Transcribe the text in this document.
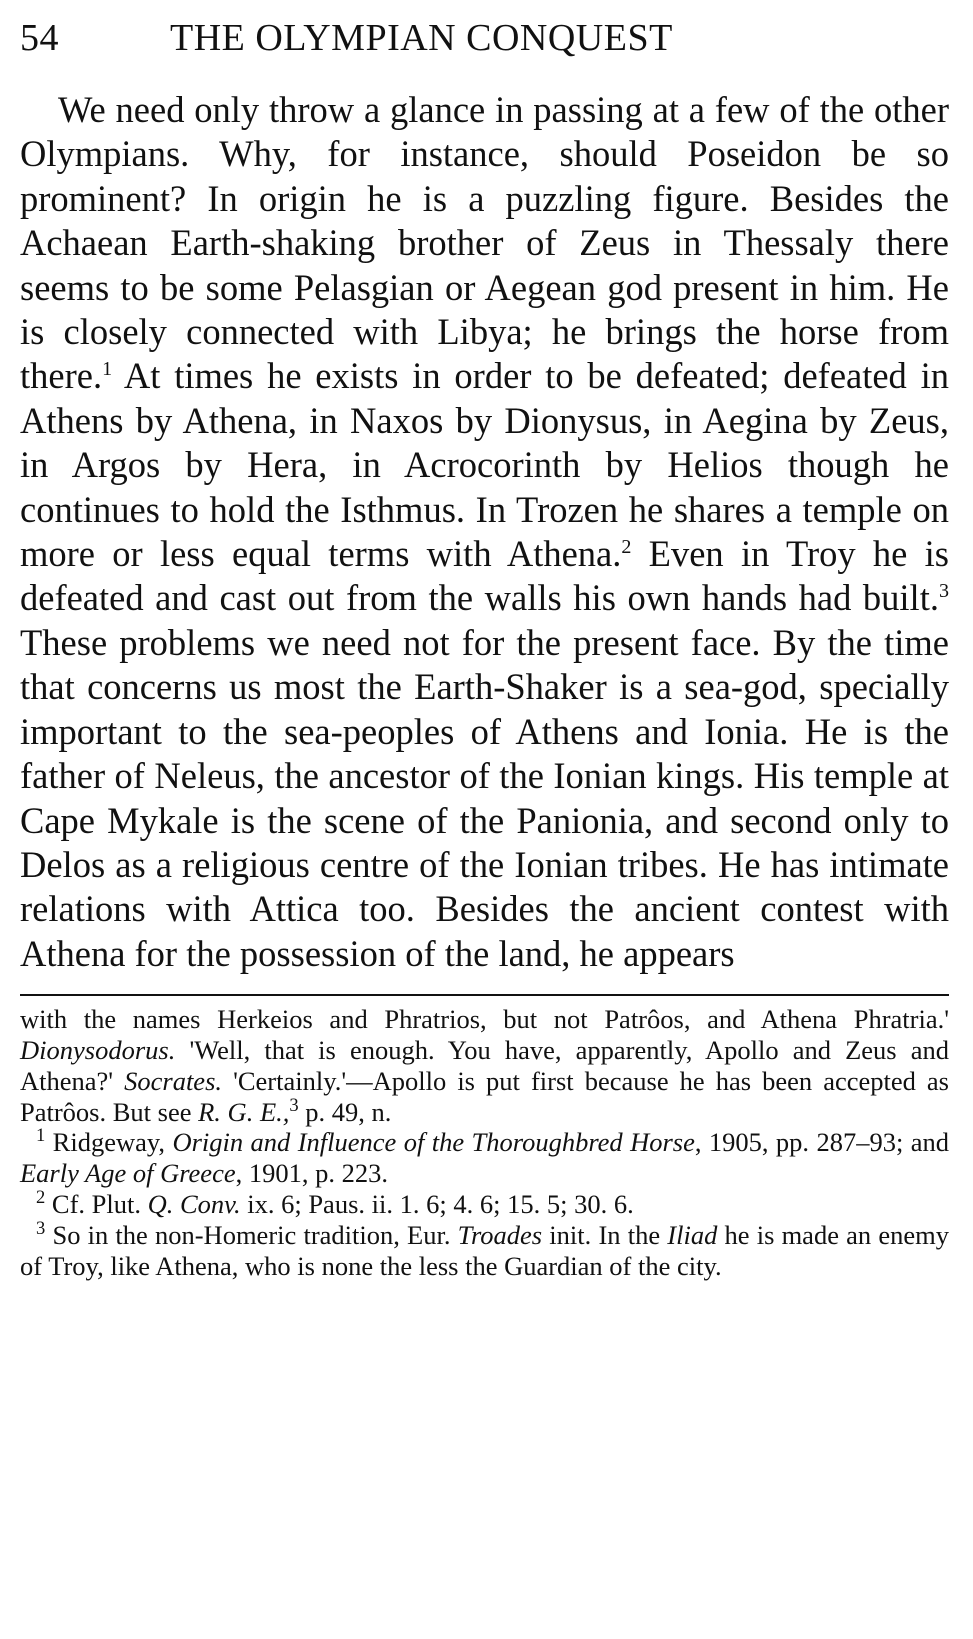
54	THE OLYMPIAN CONQUEST

We need only throw a glance in passing at a few of the other Olympians. Why, for instance, should Poseidon be so prominent? In origin he is a puzzling figure. Besides the Achaean Earth-shaking brother of Zeus in Thessaly there seems to be some Pelasgian or Aegean god present in him. He is closely connected with Libya; he brings the horse from there.$^1$ At times he exists in order to be defeated; defeated in Athens by Athena, in Naxos by Dionysus, in Aegina by Zeus, in Argos by Hera, in Acrocorinth by Helios though he continues to hold the Isthmus. In Trozen he shares a temple on more or less equal terms with Athena.$^2$ Even in Troy he is defeated and cast out from the walls his own hands had built.$^3$ These problems we need not for the present face. By the time that concerns us most the Earth-Shaker is a sea-god, specially important to the sea-peoples of Athens and Ionia. He is the father of Neleus, the ancestor of the Ionian kings. His temple at Cape Mykale is the scene of the Panionia, and second only to Delos as a religious centre of the Ionian tribes. He has intimate relations with Attica too. Besides the ancient contest with Athena for the possession of the land, he appears

with the names Herkeios and Phratrios, but not Patrôos, and Athena Phratria.' Dionysodorus. 'Well, that is enough. You have, apparently, Apollo and Zeus and Athena?' Socrates. 'Certainly.'—Apollo is put first because he has been accepted as Patrôos. But see R. G. E.,$^3$ p. 49, n.

$^1$ Ridgeway, Origin and Influence of the Thoroughbred Horse, 1905, pp. 287–93; and Early Age of Greece, 1901, p. 223.

$^2$ Cf. Plut. Q. Conv. ix. 6; Paus. ii. 1. 6; 4. 6; 15. 5; 30. 6.

$^3$ So in the non-Homeric tradition, Eur. Troades init. In the Iliad he is made an enemy of Troy, like Athena, who is none the less the Guardian of the city.
